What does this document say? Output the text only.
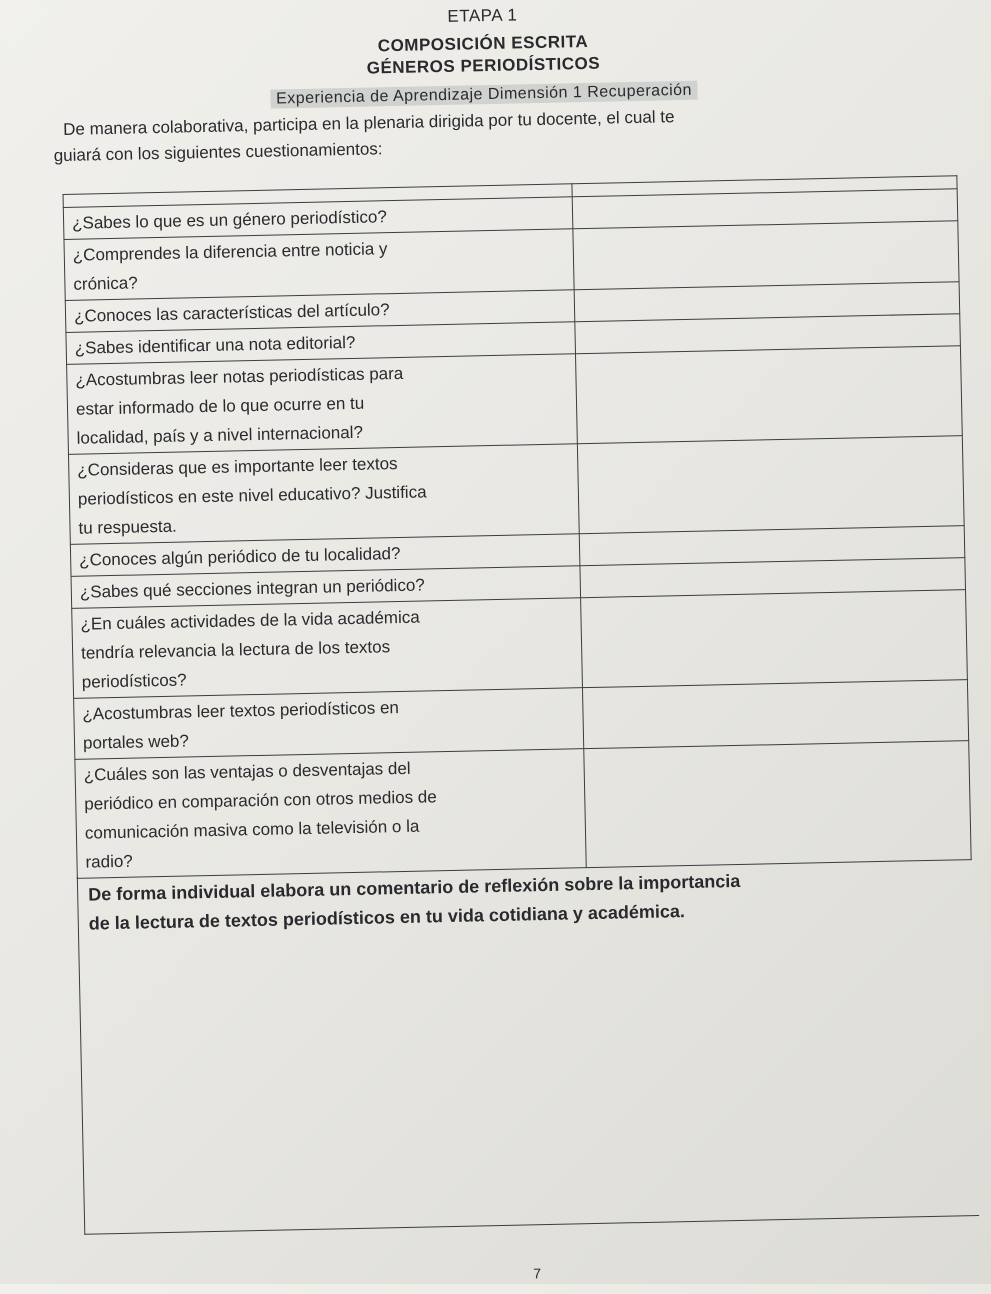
ETAPA 1
COMPOSICIÓN ESCRITA
GÉNEROS PERIODÍSTICOS
Experiencia de Aprendizaje Dimensión 1 Recuperación

De manera colaborativa, participa en la plenaria dirigida por tu docente, el cual te

guiará con los siguientes cuestionamientos:

¿Sabes lo que es un género periodístico?	

¿Comprendes la diferencia entre noticia y
crónica?	

¿Conoces las características del artículo?	

¿Sabes identificar una nota editorial?	

¿Acostumbras leer notas periodísticas para
estar informado de lo que ocurre en tu
localidad, país y a nivel internacional?	

¿Consideras que es importante leer textos
periodísticos en este nivel educativo? Justifica
tu respuesta.	

¿Conoces algún periódico de tu localidad?	

¿Sabes qué secciones integran un periódico?	

¿En cuáles actividades de la vida académica
tendría relevancia la lectura de los textos
periodísticos?	

¿Acostumbras leer textos periodísticos en
portales web?	

¿Cuáles son las ventajas o desventajas del
periódico en comparación con otros medios de
comunicación masiva como la televisión o la
radio?	

De forma individual elabora un comentario de reflexión sobre la importancia
de la lectura de textos periodísticos en tu vida cotidiana y académica.
7
